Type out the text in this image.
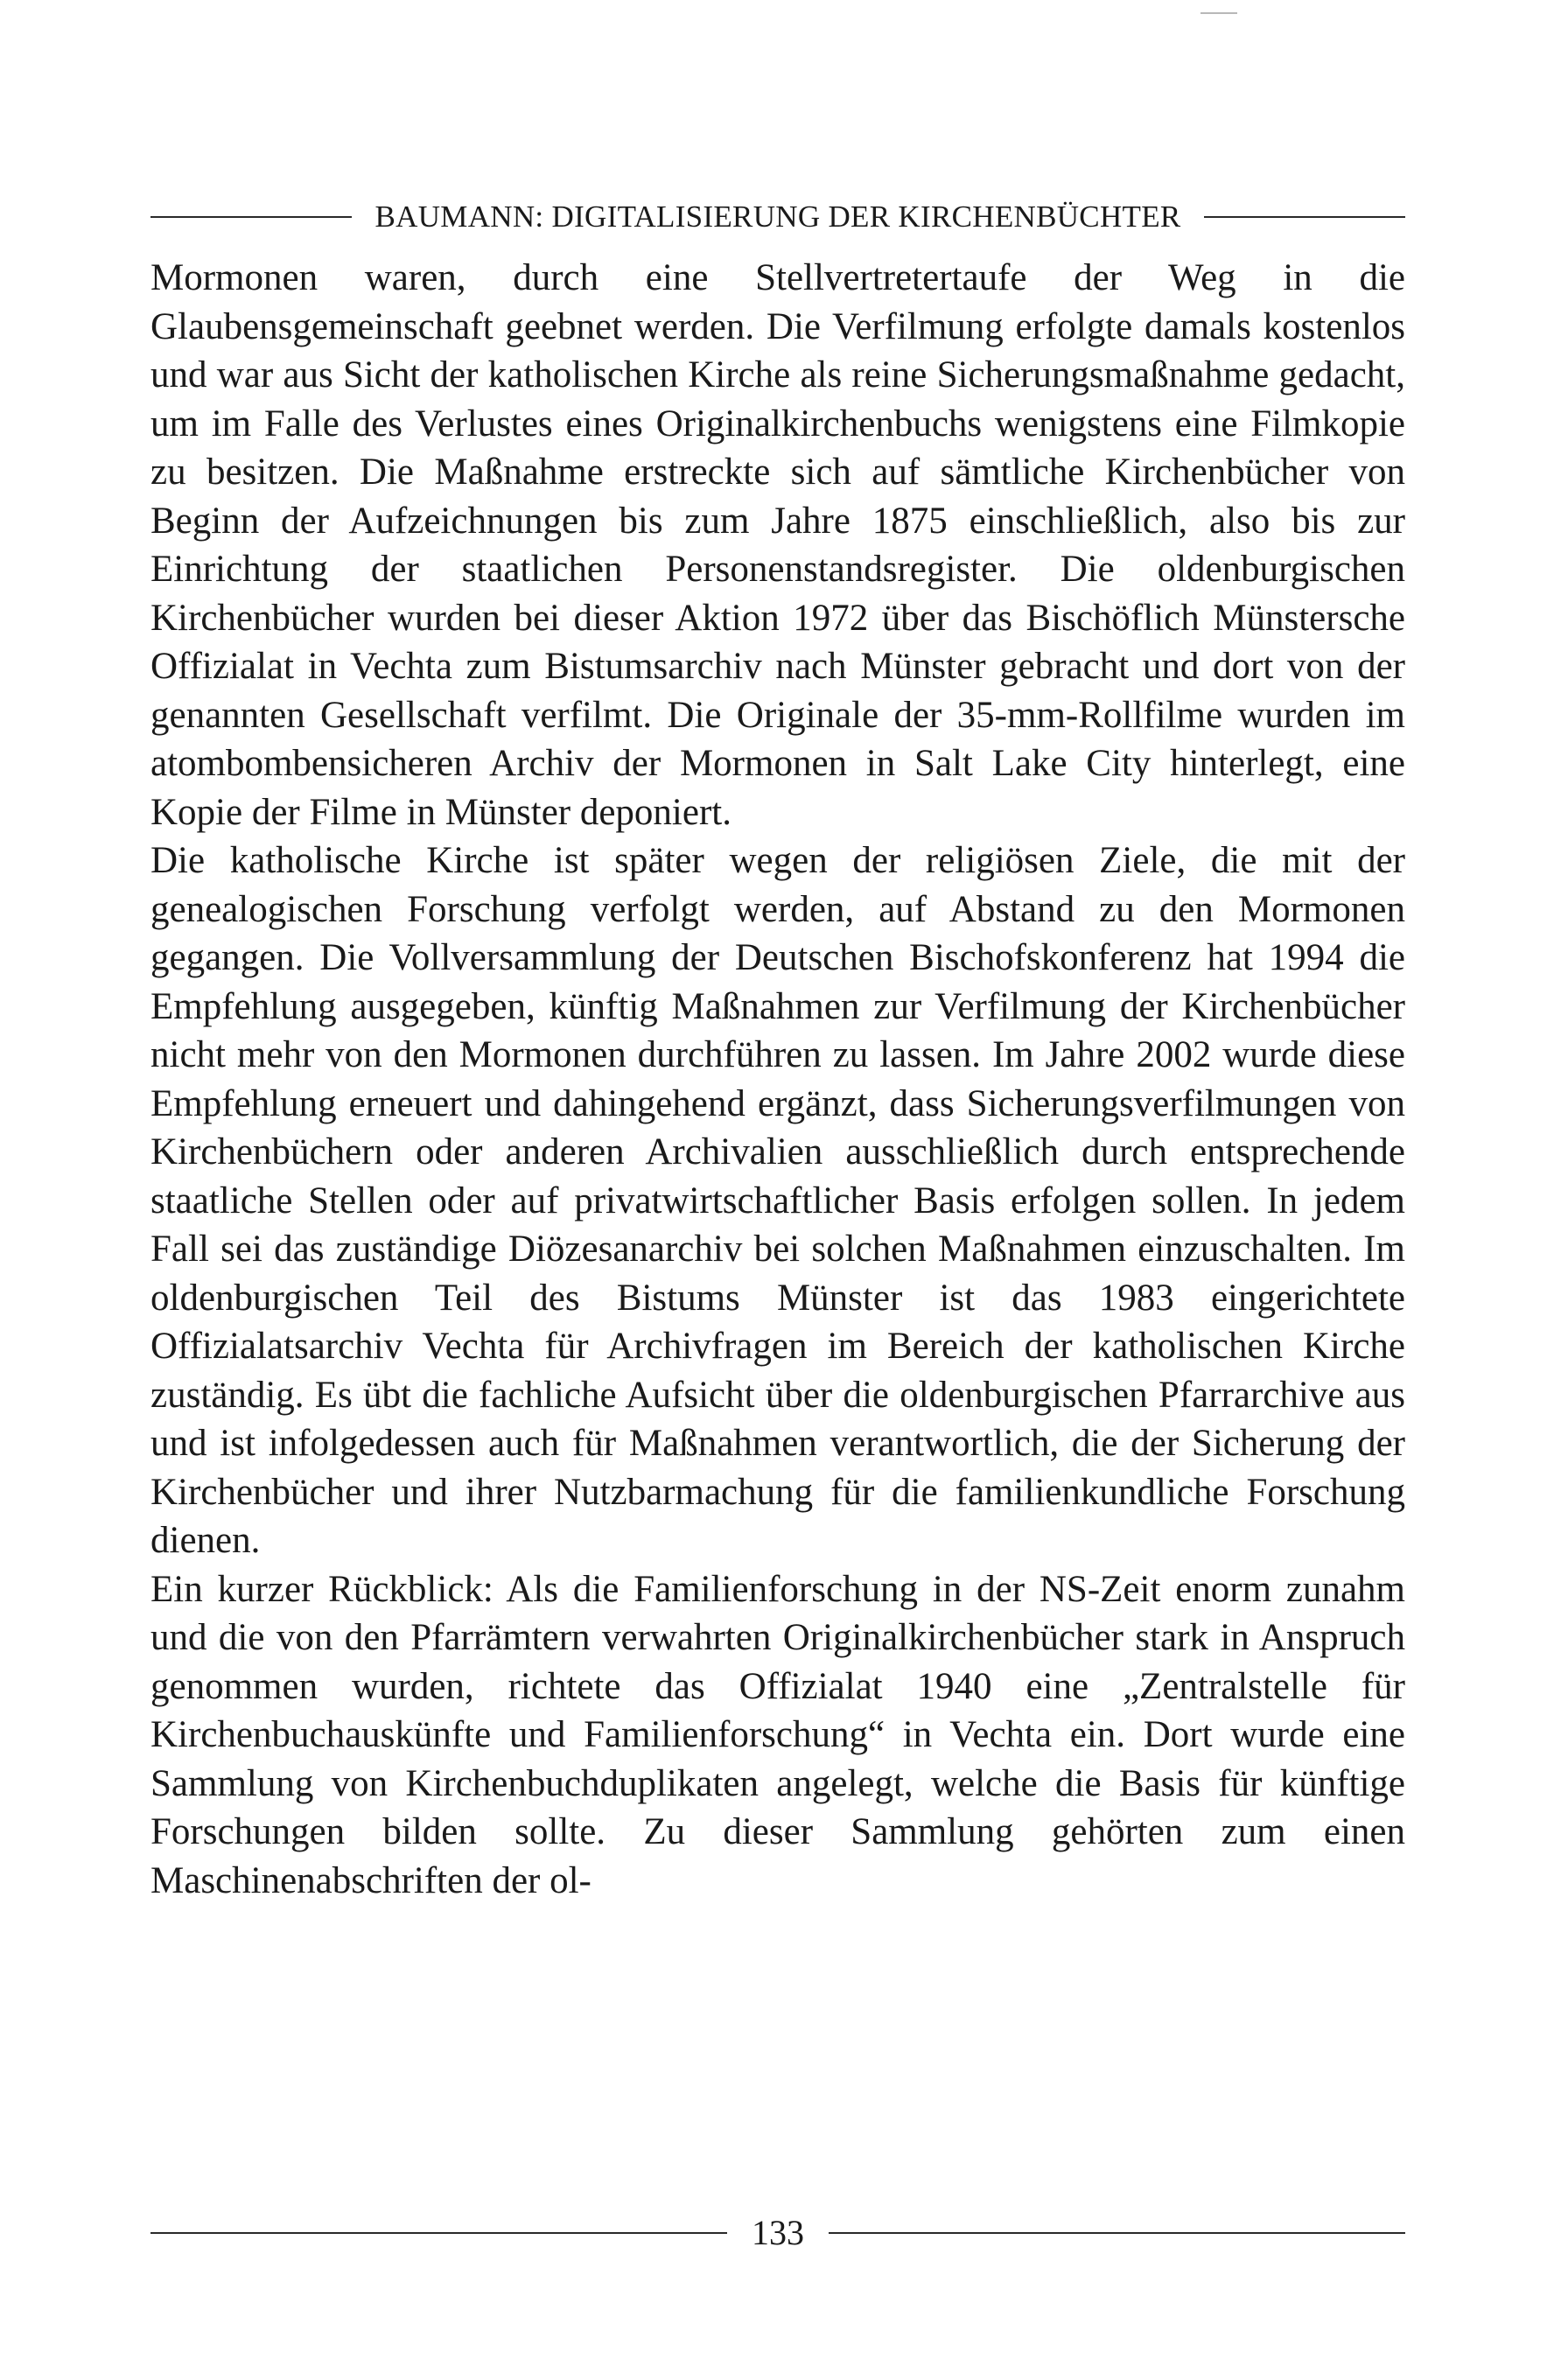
BAUMANN: DIGITALISIERUNG DER KIRCHENBÜCHTER

Mormonen waren, durch eine Stellvertretertaufe der Weg in die Glaubensgemeinschaft geebnet werden. Die Verfilmung erfolgte damals kostenlos und war aus Sicht der katholischen Kirche als reine Sicherungsmaßnahme gedacht, um im Falle des Verlustes eines Originalkirchenbuchs wenigstens eine Filmkopie zu besitzen. Die Maßnahme erstreckte sich auf sämtliche Kirchenbücher von Beginn der Aufzeichnungen bis zum Jahre 1875 einschließlich, also bis zur Einrichtung der staatlichen Personenstandsregister. Die oldenburgischen Kirchenbücher wurden bei dieser Aktion 1972 über das Bischöflich Münstersche Offizialat in Vechta zum Bistumsarchiv nach Münster gebracht und dort von der genannten Gesellschaft verfilmt. Die Originale der 35-mm-Rollfilme wurden im atombombensicheren Archiv der Mormonen in Salt Lake City hinterlegt, eine Kopie der Filme in Münster deponiert.

Die katholische Kirche ist später wegen der religiösen Ziele, die mit der genealogischen Forschung verfolgt werden, auf Abstand zu den Mormonen gegangen. Die Vollversammlung der Deutschen Bischofskonferenz hat 1994 die Empfehlung ausgegeben, künftig Maßnahmen zur Verfilmung der Kirchenbücher nicht mehr von den Mormonen durchführen zu lassen. Im Jahre 2002 wurde diese Empfehlung erneuert und dahingehend ergänzt, dass Sicherungsverfilmungen von Kirchenbüchern oder anderen Archivalien ausschließlich durch entsprechende staatliche Stellen oder auf privatwirtschaftlicher Basis erfolgen sollen. In jedem Fall sei das zuständige Diözesanarchiv bei solchen Maßnahmen einzuschalten. Im oldenburgischen Teil des Bistums Münster ist das 1983 eingerichtete Offizialatsarchiv Vechta für Archivfragen im Bereich der katholischen Kirche zuständig. Es übt die fachliche Aufsicht über die oldenburgischen Pfarrarchive aus und ist infolgedessen auch für Maßnahmen verantwortlich, die der Sicherung der Kirchenbücher und ihrer Nutzbarmachung für die familienkundliche Forschung dienen.

Ein kurzer Rückblick: Als die Familienforschung in der NS-Zeit enorm zunahm und die von den Pfarrämtern verwahrten Originalkirchenbücher stark in Anspruch genommen wurden, richtete das Offizialat 1940 eine „Zentralstelle für Kirchenbuchauskünfte und Familienforschung“ in Vechta ein. Dort wurde eine Sammlung von Kirchenbuchduplikaten angelegt, welche die Basis für künftige Forschungen bilden sollte. Zu dieser Sammlung gehörten zum einen Maschinenabschriften der ol-

133
